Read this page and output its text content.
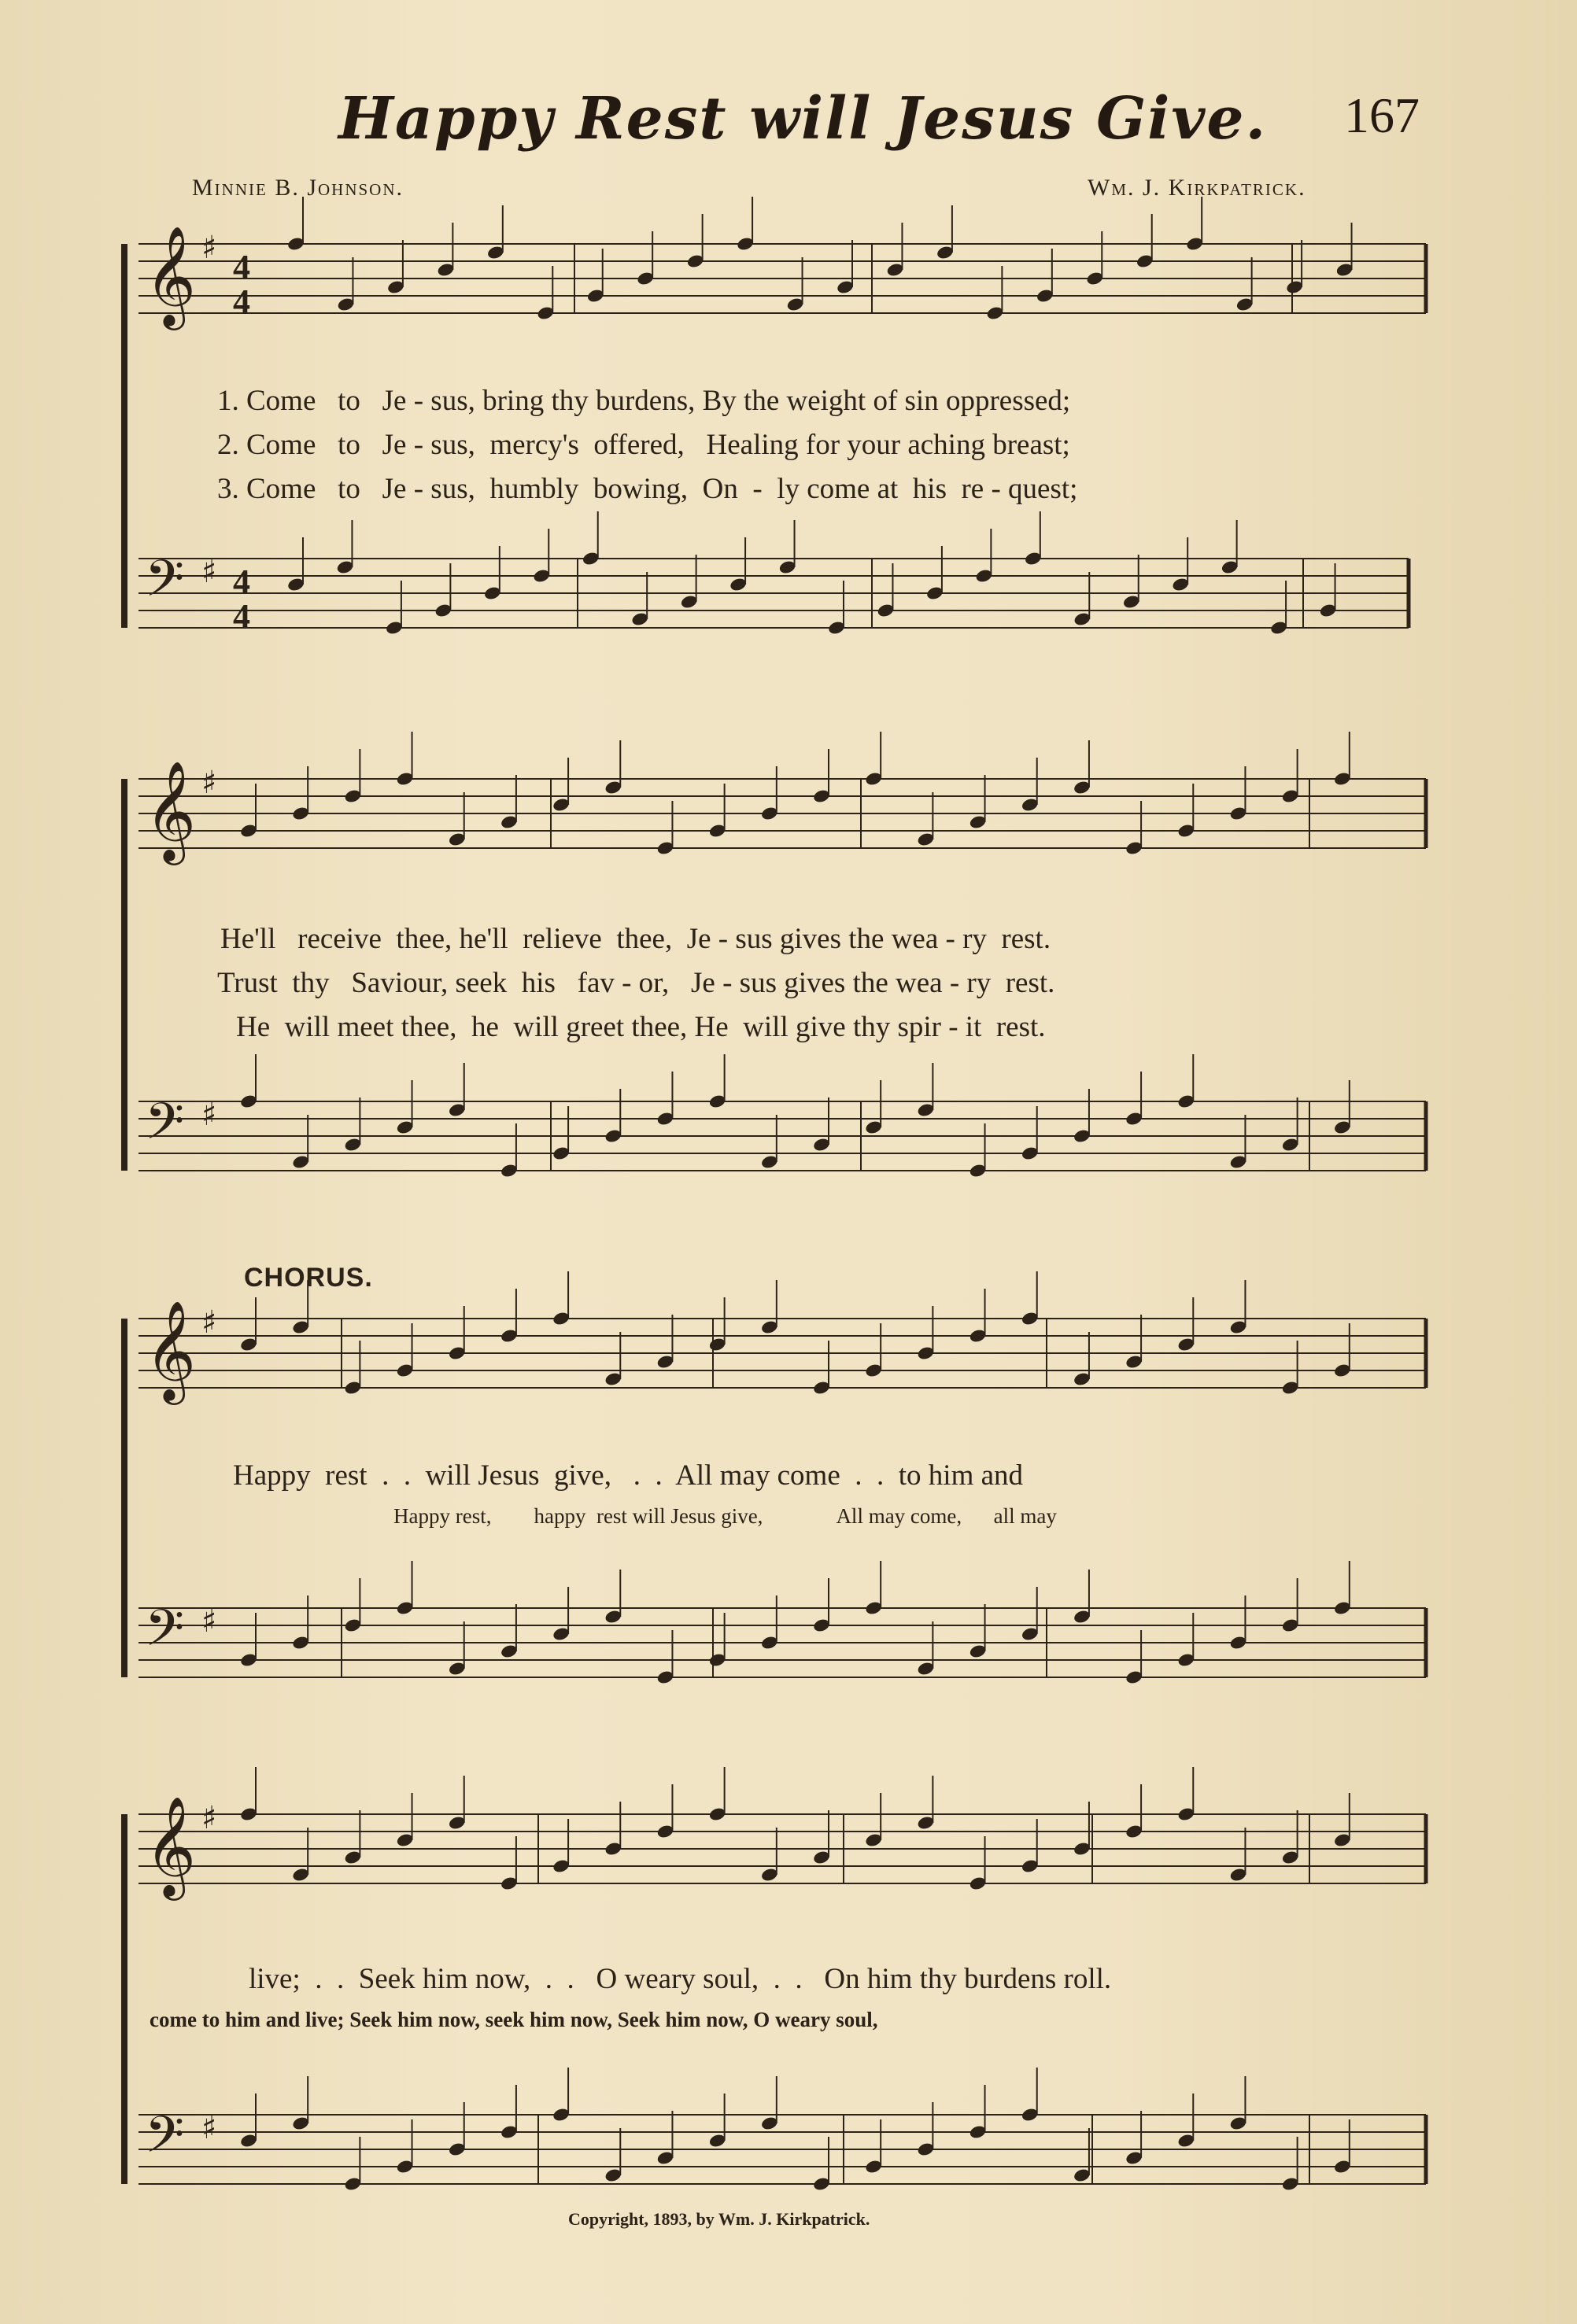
𝄞 ♯
𝄢 ♯
𝄞 ♯
𝄢 ♯
𝄞 ♯
𝄢 ♯
𝄞 ♯
𝄢 ♯
4
4
4
4
Happy Rest will Jesus Give. 167
Minnie B. Johnson.	Wm. J. Kirkpatrick.
1. Come   to   Je - sus, bring thy burdens, By the weight of sin oppressed;
2. Come   to   Je - sus,  mercy's  offered,   Healing for your aching breast;
3. Come   to   Je - sus,  humbly  bowing,  On  -  ly come at  his  re - quest;
He'll   receive  thee, he'll  relieve  thee,  Je - sus gives the wea - ry  rest.
Trust  thy   Saviour, seek  his   fav - or,   Je - sus gives the wea - ry  rest.
He  will meet thee,  he  will greet thee, He  will give thy spir - it  rest.
CHORUS.
Happy  rest  .  .  will Jesus  give,   .  .  All may come  .  .  to him and
Happy rest,        happy  rest will Jesus give,              All may come,      all may
live;  .  .  Seek him now,  .  .   O weary soul,  .  .   On him thy burdens roll.
come to him and live; Seek him now, seek him now, Seek him now, O weary soul,
Copyright, 1893, by Wm. J. Kirkpatrick.
